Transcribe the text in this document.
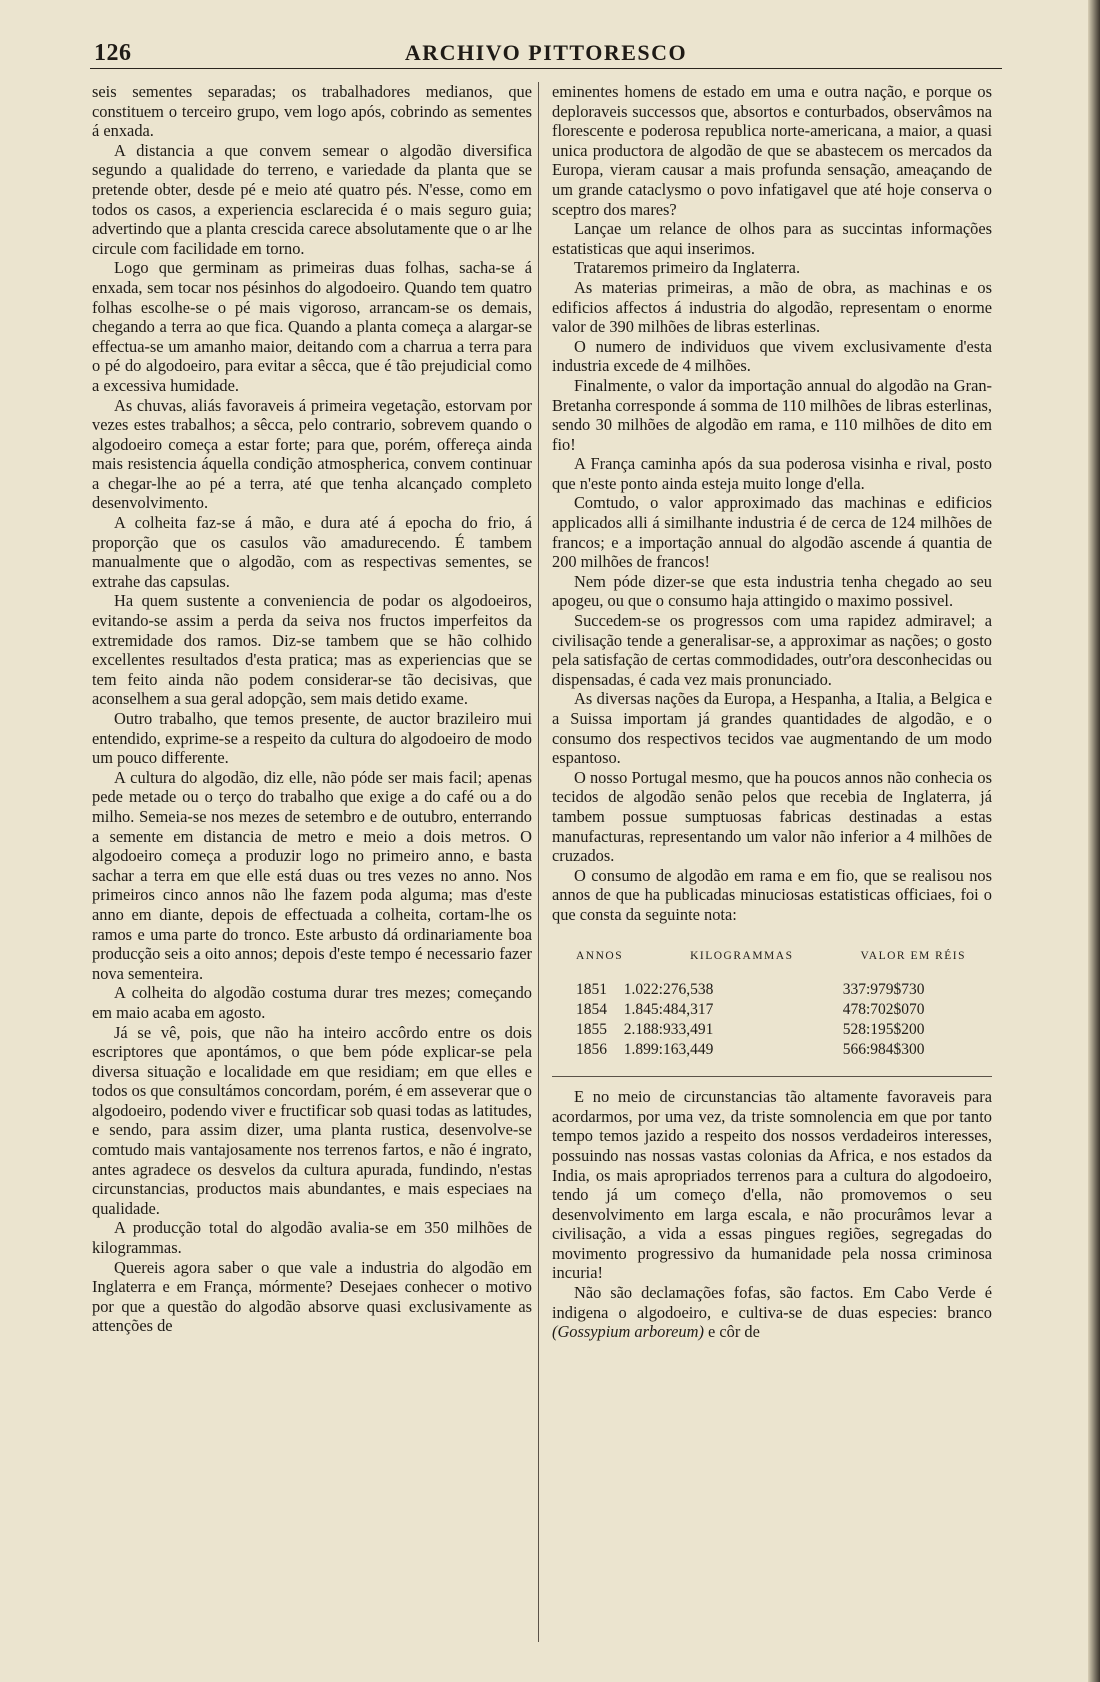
126	ARCHIVO PITTORESCO

seis sementes separadas; os trabalhadores medianos, que constituem o terceiro grupo, vem logo após, cobrindo as sementes á enxada.

A distancia a que convem semear o algodão diversifica segundo a qualidade do terreno, e variedade da planta que se pretende obter, desde pé e meio até quatro pés. N'esse, como em todos os casos, a experiencia esclarecida é o mais seguro guia; advertindo que a planta crescida carece absolutamente que o ar lhe circule com facilidade em torno.

Logo que germinam as primeiras duas folhas, sacha-se á enxada, sem tocar nos pésinhos do algodoeiro. Quando tem quatro folhas escolhe-se o pé mais vigoroso, arrancam-se os demais, chegando a terra ao que fica. Quando a planta começa a alargar-se effectua-se um amanho maior, deitando com a charrua a terra para o pé do algodoeiro, para evitar a sêcca, que é tão prejudicial como a excessiva humidade.

As chuvas, aliás favoraveis á primeira vegetação, estorvam por vezes estes trabalhos; a sêcca, pelo contrario, sobrevem quando o algodoeiro começa a estar forte; para que, porém, offereça ainda mais resistencia áquella condição atmospherica, convem continuar a chegar-lhe ao pé a terra, até que tenha alcançado completo desenvolvimento.

A colheita faz-se á mão, e dura até á epocha do frio, á proporção que os casulos vão amadurecendo. É tambem manualmente que o algodão, com as respectivas sementes, se extrahe das capsulas.

Ha quem sustente a conveniencia de podar os algodoeiros, evitando-se assim a perda da seiva nos fructos imperfeitos da extremidade dos ramos. Diz-se tambem que se hão colhido excellentes resultados d'esta pratica; mas as experiencias que se tem feito ainda não podem considerar-se tão decisivas, que aconselhem a sua geral adopção, sem mais detido exame.

Outro trabalho, que temos presente, de auctor brazileiro mui entendido, exprime-se a respeito da cultura do algodoeiro de modo um pouco differente.

A cultura do algodão, diz elle, não póde ser mais facil; apenas pede metade ou o terço do trabalho que exige a do café ou a do milho. Semeia-se nos mezes de setembro e de outubro, enterrando a semente em distancia de metro e meio a dois metros. O algodoeiro começa a produzir logo no primeiro anno, e basta sachar a terra em que elle está duas ou tres vezes no anno. Nos primeiros cinco annos não lhe fazem poda alguma; mas d'este anno em diante, depois de effectuada a colheita, cortam-lhe os ramos e uma parte do tronco. Este arbusto dá ordinariamente boa producção seis a oito annos; depois d'este tempo é necessario fazer nova sementeira.

A colheita do algodão costuma durar tres mezes; começando em maio acaba em agosto.

Já se vê, pois, que não ha inteiro accôrdo entre os dois escriptores que apontámos, o que bem póde explicar-se pela diversa situação e localidade em que residiam; em que elles e todos os que consultámos concordam, porém, é em asseverar que o algodoeiro, podendo viver e fructificar sob quasi todas as latitudes, e sendo, para assim dizer, uma planta rustica, desenvolve-se comtudo mais vantajosamente nos terrenos fartos, e não é ingrato, antes agradece os desvelos da cultura apurada, fundindo, n'estas circunstancias, productos mais abundantes, e mais especiaes na qualidade.

A producção total do algodão avalia-se em 350 milhões de kilogrammas.

Quereis agora saber o que vale a industria do algodão em Inglaterra e em França, mórmente? Desejaes conhecer o motivo por que a questão do algodão absorve quasi exclusivamente as attenções de

eminentes homens de estado em uma e outra nação, e porque os deploraveis successos que, absortos e conturbados, observâmos na florescente e poderosa republica norte-americana, a maior, a quasi unica productora de algodão de que se abastecem os mercados da Europa, vieram causar a mais profunda sensação, ameaçando de um grande cataclysmo o povo infatigavel que até hoje conserva o sceptro dos mares?

Lançae um relance de olhos para as succintas informações estatisticas que aqui inserimos.

Trataremos primeiro da Inglaterra.

As materias primeiras, a mão de obra, as machinas e os edificios affectos á industria do algodão, representam o enorme valor de 390 milhões de libras esterlinas.

O numero de individuos que vivem exclusivamente d'esta industria excede de 4 milhões.

Finalmente, o valor da importação annual do algodão na Gran-Bretanha corresponde á somma de 110 milhões de libras esterlinas, sendo 30 milhões de algodão em rama, e 110 milhões de dito em fio!

A França caminha após da sua poderosa visinha e rival, posto que n'este ponto ainda esteja muito longe d'ella.

Comtudo, o valor approximado das machinas e edificios applicados alli á similhante industria é de cerca de 124 milhões de francos; e a importação annual do algodão ascende á quantia de 200 milhões de francos!

Nem póde dizer-se que esta industria tenha chegado ao seu apogeu, ou que o consumo haja attingido o maximo possivel.

Succedem-se os progressos com uma rapidez admiravel; a civilisação tende a generalisar-se, a approximar as nações; o gosto pela satisfação de certas commodidades, outr'ora desconhecidas ou dispensadas, é cada vez mais pronunciado.

As diversas nações da Europa, a Hespanha, a Italia, a Belgica e a Suissa importam já grandes quantidades de algodão, e o consumo dos respectivos tecidos vae augmentando de um modo espantoso.

O nosso Portugal mesmo, que ha poucos annos não conhecia os tecidos de algodão senão pelos que recebia de Inglaterra, já tambem possue sumptuosas fabricas destinadas a estas manufacturas, representando um valor não inferior a 4 milhões de cruzados.

O consumo de algodão em rama e em fio, que se realisou nos annos de que ha publicadas minuciosas estatisticas officiaes, foi o que consta da seguinte nota:

ANNOS	KILOGRAMMAS	VALOR EM RÉIS
1851	1.022:276,538	337:979$730
1854	1.845:484,317	478:702$070
1855	2.188:933,491	528:195$200
1856	1.899:163,449	566:984$300

E no meio de circunstancias tão altamente favoraveis para acordarmos, por uma vez, da triste somnolencia em que por tanto tempo temos jazido a respeito dos nossos verdadeiros interesses, possuindo nas nossas vastas colonias da Africa, e nos estados da India, os mais apropriados terrenos para a cultura do algodoeiro, tendo já um começo d'ella, não promovemos o seu desenvolvimento em larga escala, e não procurâmos levar a civilisação, a vida a essas pingues regiões, segregadas do movimento progressivo da humanidade pela nossa criminosa incuria!

Não são declamações fofas, são factos. Em Cabo Verde é indigena o algodoeiro, e cultiva-se de duas especies: branco (Gossypium arboreum) e côr de
